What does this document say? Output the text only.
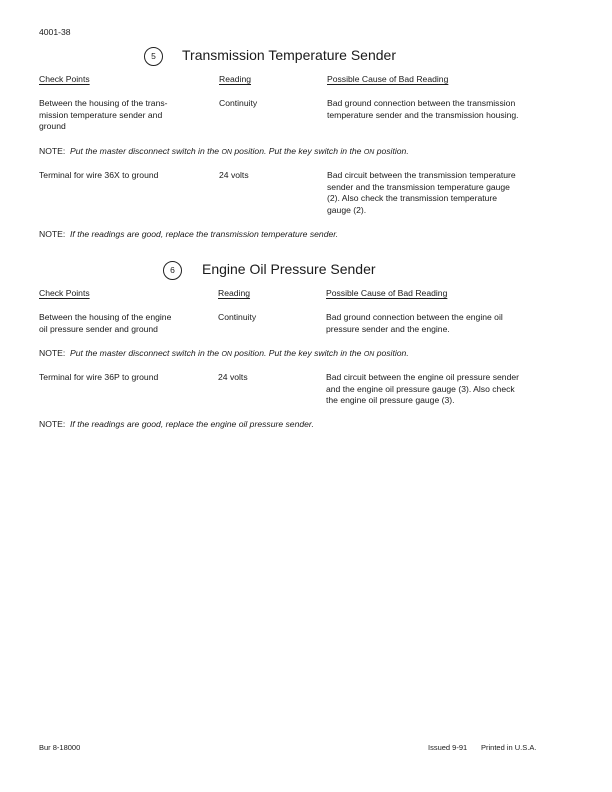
4001-38
5	Transmission Temperature Sender
Check Points	Reading	Possible Cause of Bad Reading
Between the housing of the trans-
mission temperature sender and
ground
Continuity	Bad ground connection between the transmission
temperature sender and the transmission housing.
NOTE: Put the master disconnect switch in the ON position. Put the key switch in the ON position.
Terminal for wire 36X to ground	24 volts	Bad circuit between the transmission temperature
sender and the transmission temperature gauge
(2). Also check the transmission temperature
gauge (2).
NOTE: If the readings are good, replace the transmission temperature sender.
6	Engine Oil Pressure Sender
Check Points	Reading	Possible Cause of Bad Reading
Between the housing of the engine
oil pressure sender and ground
Continuity	Bad ground connection between the engine oil
pressure sender and the engine.
NOTE: Put the master disconnect switch in the ON position. Put the key switch in the ON position.
Terminal for wire 36P to ground	24 volts	Bad circuit between the engine oil pressure sender
and the engine oil pressure gauge (3). Also check
the engine oil pressure gauge (3).
NOTE: If the readings are good, replace the engine oil pressure sender.
Bur 8-18000	Issued 9-91 Printed in U.S.A.
